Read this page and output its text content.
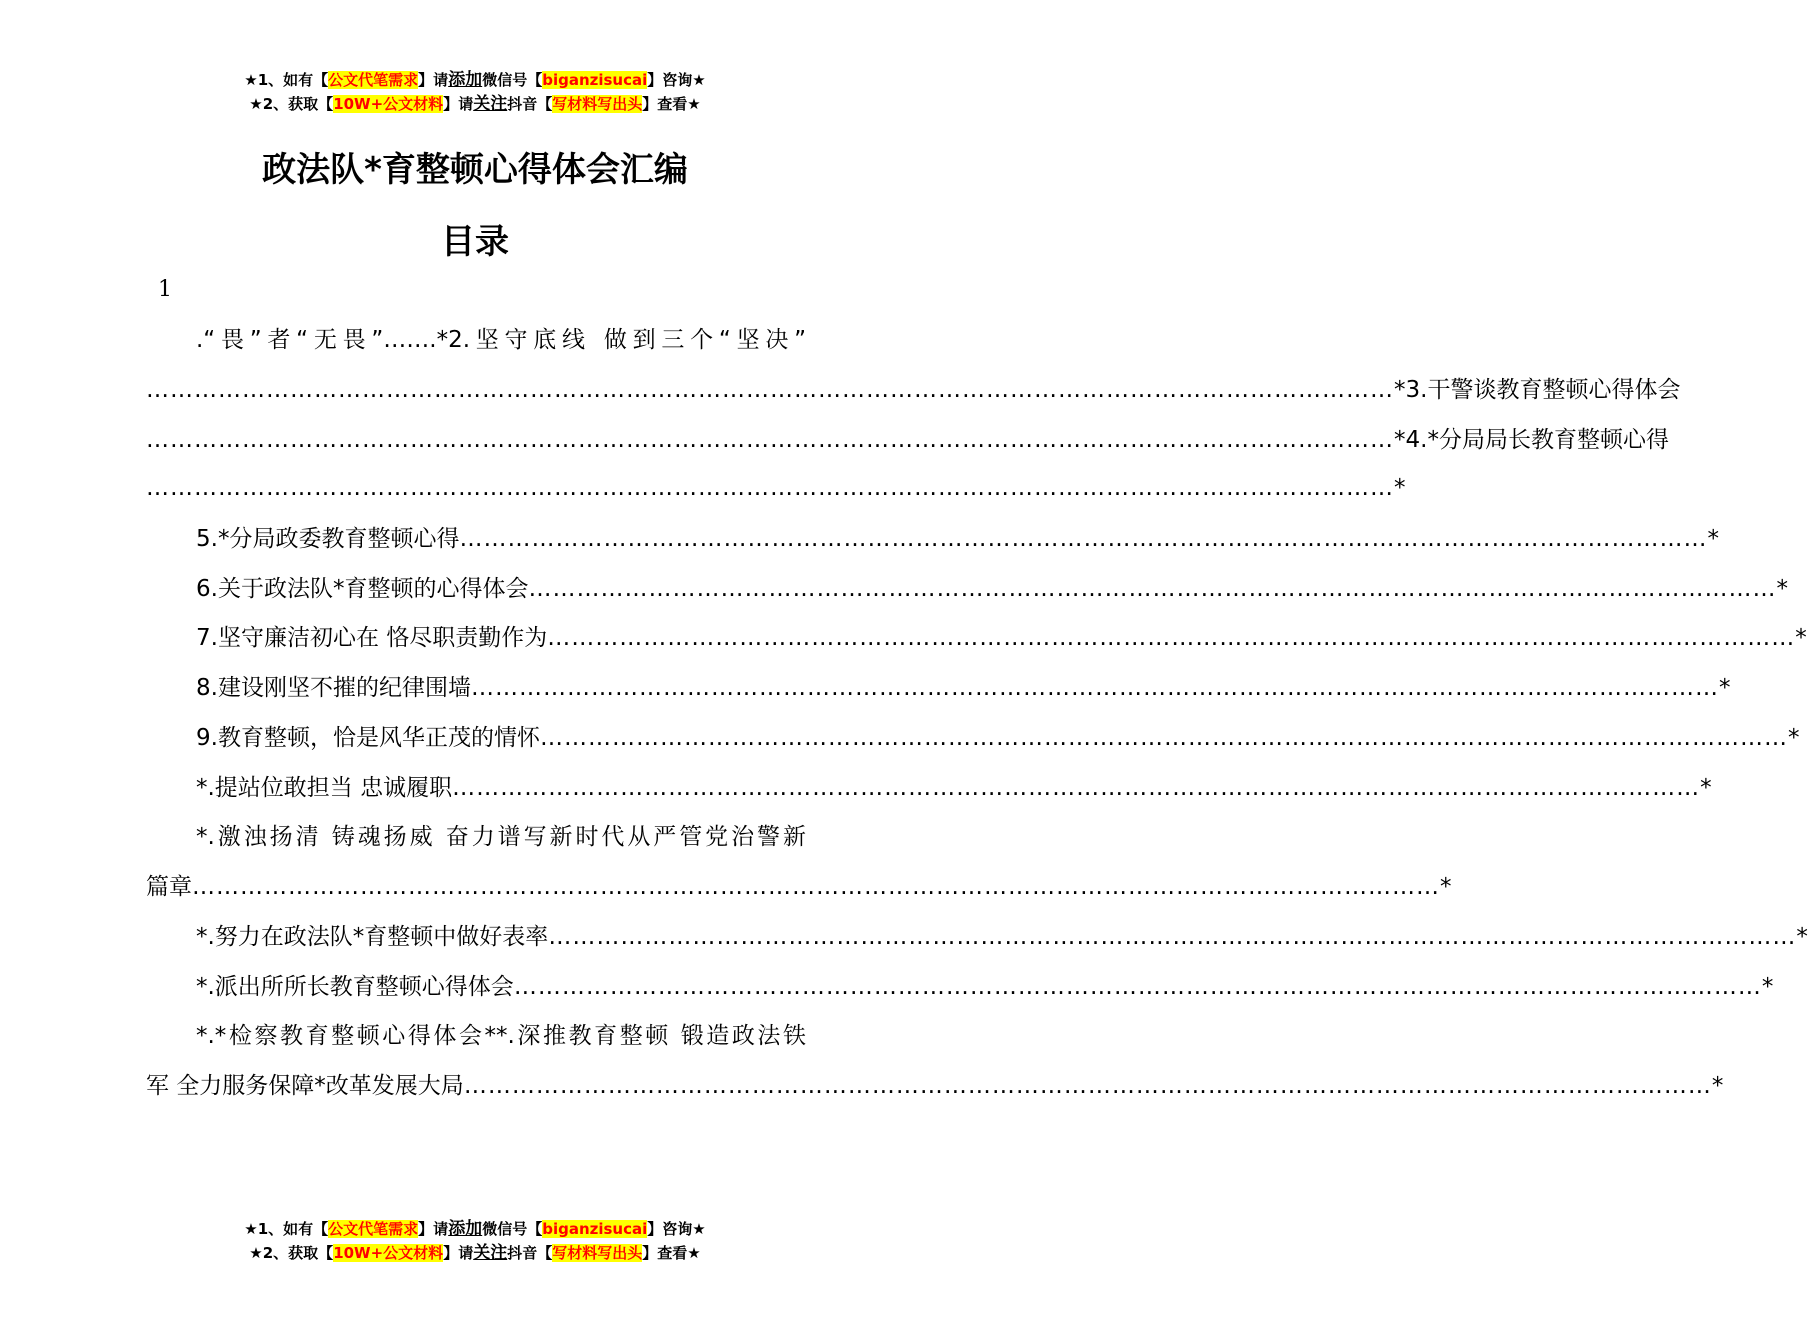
★1、如有【公文代笔需求】请添加微信号【biganzisucai】咨询★
★2、获取【10W+公文材料】请关注抖音【写材料写出头】查看★
政法队*育整顿心得体会汇编
目录
1
.“畏”者“无畏”…….*2.坚守底线 做到三个“坚决”
………………………………………………………………………………………………………………………………………… *3.干警谈教育整顿心得体会
………………………………………………………………………………………………………………………………………… *4.*分局局长教育整顿心得
………………………………………………………………………………………………………………………………………… *
5.*分局政委教育整顿心得 ………………………………………………………………………………………………………………………………………… *
6.关于政法队*育整顿的心得体会 ………………………………………………………………………………………………………………………………………… *
7.坚守廉洁初心在 恪尽职责勤作为 ………………………………………………………………………………………………………………………………………… *
8.建设刚坚不摧的纪律围墙 ………………………………………………………………………………………………………………………………………… *
9.教育整顿，恰是风华正茂的情怀 ………………………………………………………………………………………………………………………………………… *
*.提站位敢担当 忠诚履职 ………………………………………………………………………………………………………………………………………… *
*.激浊扬清 铸魂扬威 奋力谱写新时代从严管党治警新
篇章 ………………………………………………………………………………………………………………………………………… *
*.努力在政法队*育整顿中做好表率 ………………………………………………………………………………………………………………………………………… *
*.派出所所长教育整顿心得体会 ………………………………………………………………………………………………………………………………………… *
*.*检察教育整顿心得体会**.深推教育整顿 锻造政法铁
军 全力服务保障*改革发展大局 ………………………………………………………………………………………………………………………………………… *
★1、如有【公文代笔需求】请添加微信号【biganzisucai】咨询★
★2、获取【10W+公文材料】请关注抖音【写材料写出头】查看★
